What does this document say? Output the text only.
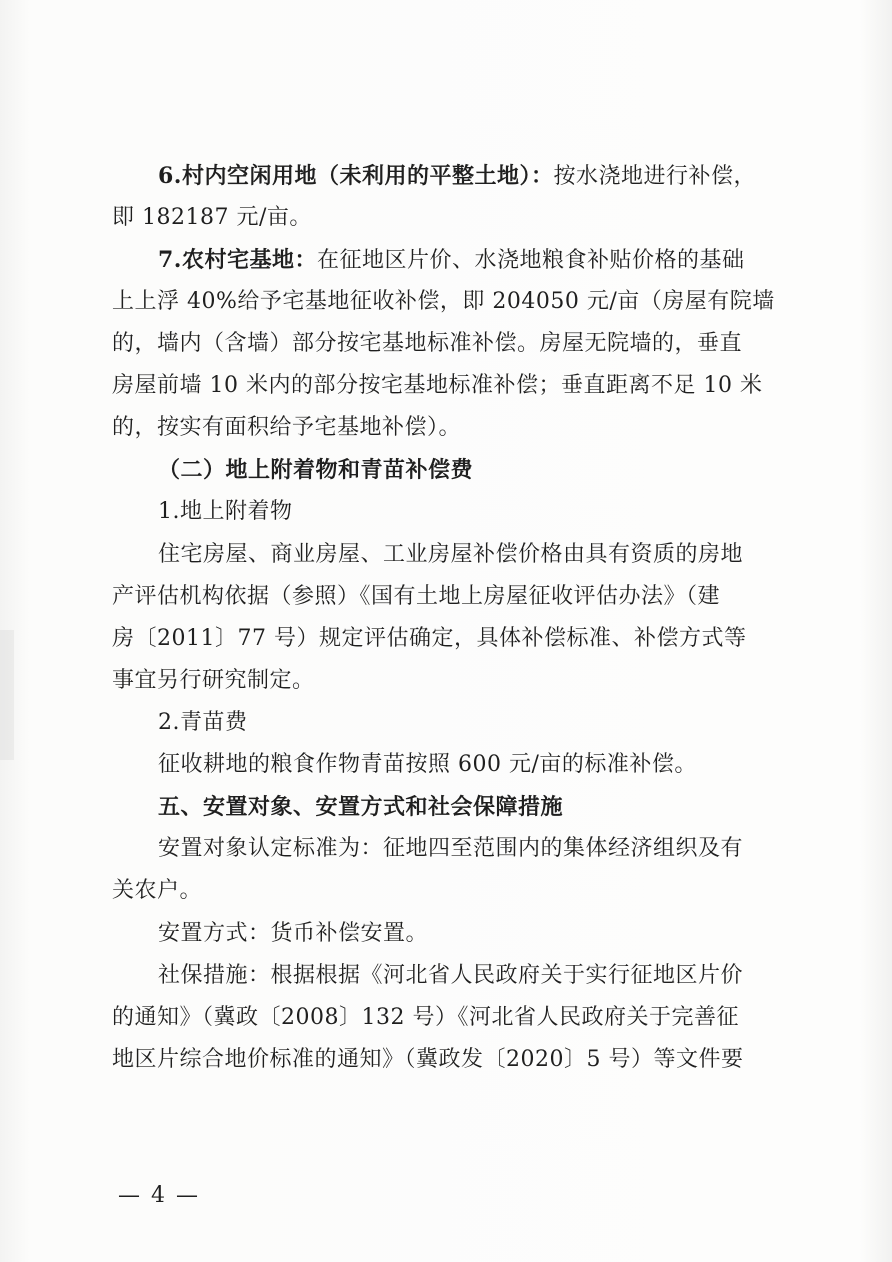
6.村内空闲用地（未利用的平整土地）：按水浇地进行补偿，
即 182187 元/亩。
7.农村宅基地：在征地区片价、水浇地粮食补贴价格的基础
上上浮 40%给予宅基地征收补偿，即 204050 元/亩（房屋有院墙
的，墙内（含墙）部分按宅基地标准补偿。房屋无院墙的，垂直
房屋前墙 10 米内的部分按宅基地标准补偿；垂直距离不足 10 米
的，按实有面积给予宅基地补偿）。
（二）地上附着物和青苗补偿费
1.地上附着物
住宅房屋、商业房屋、工业房屋补偿价格由具有资质的房地
产评估机构依据（参照）《国有土地上房屋征收评估办法》（建
房〔2011〕77 号）规定评估确定，具体补偿标准、补偿方式等
事宜另行研究制定。
2.青苗费
征收耕地的粮食作物青苗按照 600 元/亩的标准补偿。
五、安置对象、安置方式和社会保障措施
安置对象认定标准为：征地四至范围内的集体经济组织及有
关农户。
安置方式：货币补偿安置。
社保措施：根据根据《河北省人民政府关于实行征地区片价
的通知》（冀政〔2008〕132 号）《河北省人民政府关于完善征
地区片综合地价标准的通知》（冀政发〔2020〕5 号）等文件要
— 4 —
